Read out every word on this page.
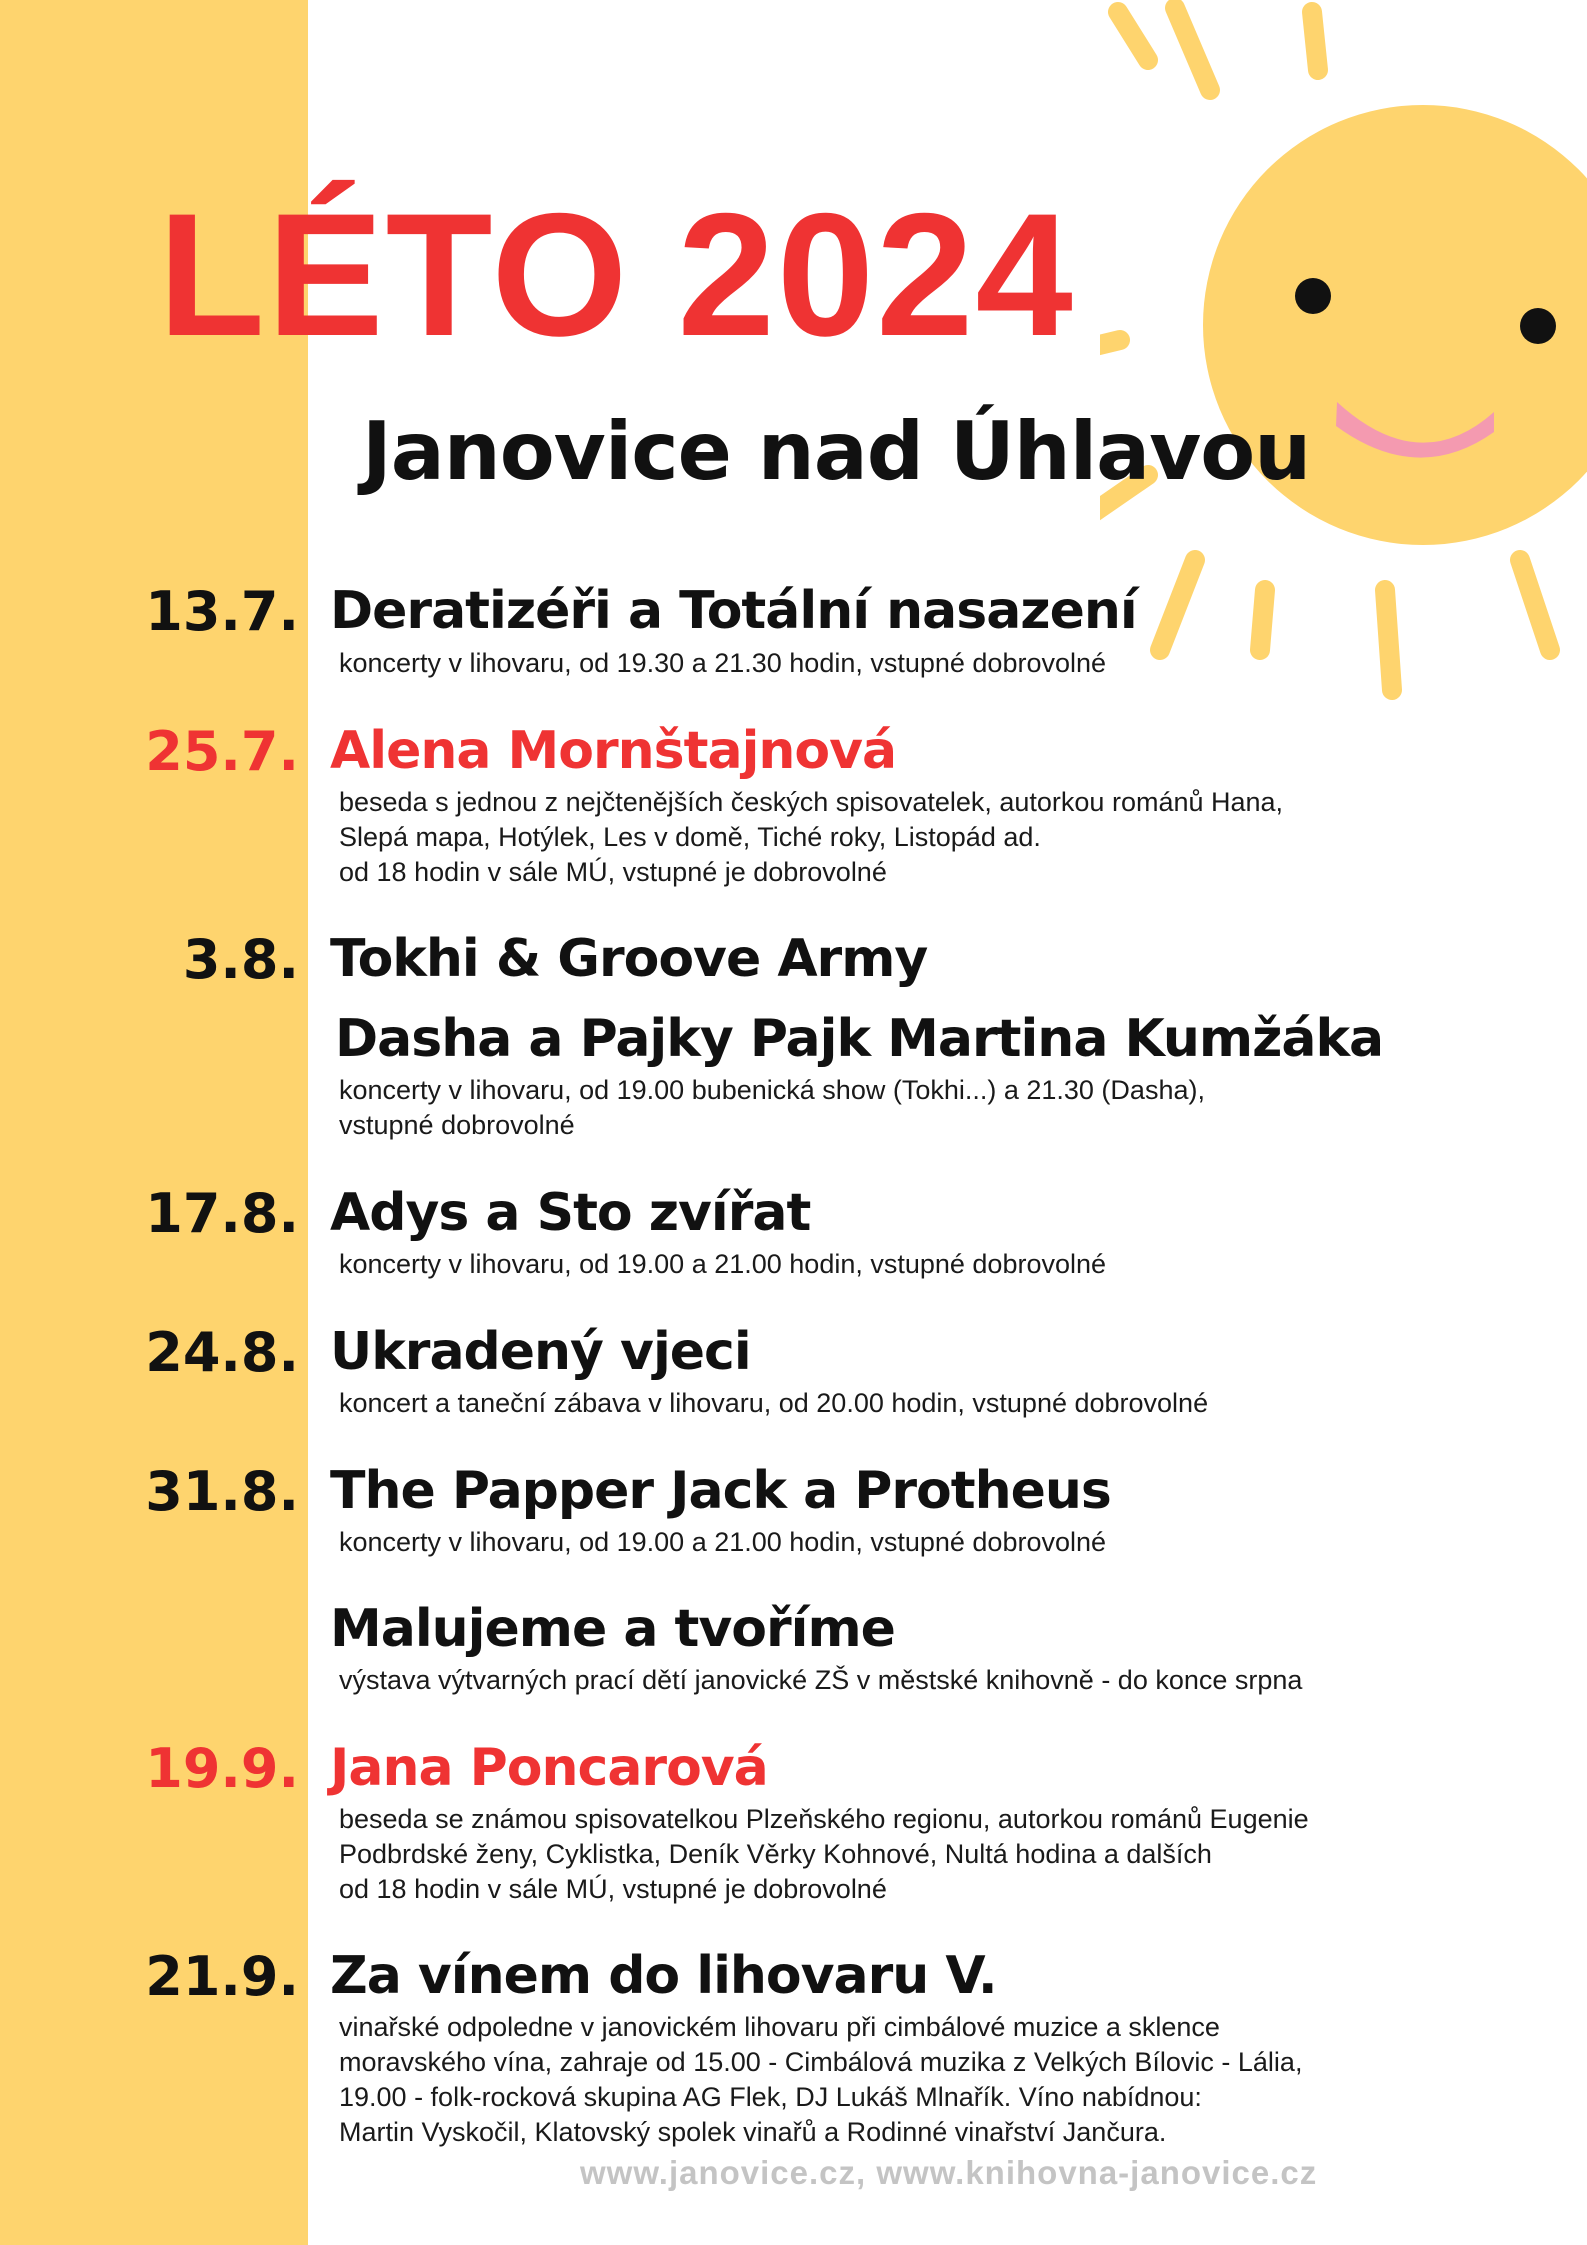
LÉTO 2024
Janovice nad Úhlavou
13.7. Deratizéři a Totální nasazení
koncerty v lihovaru, od 19.30 a 21.30 hodin, vstupné dobrovolné
25.7. Alena Mornštajnová
beseda s jednou z nejčtenějších českých spisovatelek, autorkou románů Hana,
Slepá mapa, Hotýlek, Les v domě, Tiché roky, Listopád ad.
od 18 hodin v sále MÚ, vstupné je dobrovolné
3.8. Tokhi & Groove Army
Dasha a Pajky Pajk Martina Kumžáka
koncerty v lihovaru, od 19.00 bubenická show (Tokhi...) a 21.30 (Dasha),
vstupné dobrovolné
17.8. Adys a Sto zvířat
koncerty v lihovaru, od 19.00 a 21.00 hodin, vstupné dobrovolné
24.8. Ukradený vjeci
koncert a taneční zábava v lihovaru, od 20.00 hodin, vstupné dobrovolné
31.8. The Papper Jack a Protheus
koncerty v lihovaru, od 19.00 a 21.00 hodin, vstupné dobrovolné
Malujeme a tvoříme
výstava výtvarných prací dětí janovické ZŠ v městské knihovně - do konce srpna
19.9. Jana Poncarová
beseda se známou spisovatelkou Plzeňského regionu, autorkou románů Eugenie
Podbrdské ženy, Cyklistka, Deník Věrky Kohnové, Nultá hodina a dalších
od 18 hodin v sále MÚ, vstupné je dobrovolné
21.9. Za vínem do lihovaru V.
vinařské odpoledne v janovickém lihovaru při cimbálové muzice a sklence
moravského vína, zahraje od 15.00 - Cimbálová muzika z Velkých Bílovic - Lália,
19.00 - folk-rocková skupina AG Flek, DJ Lukáš Mlnařík. Víno nabídnou:
Martin Vyskočil, Klatovský spolek vinařů a Rodinné vinařství Jančura.
www.janovice.cz, www.knihovna-janovice.cz
